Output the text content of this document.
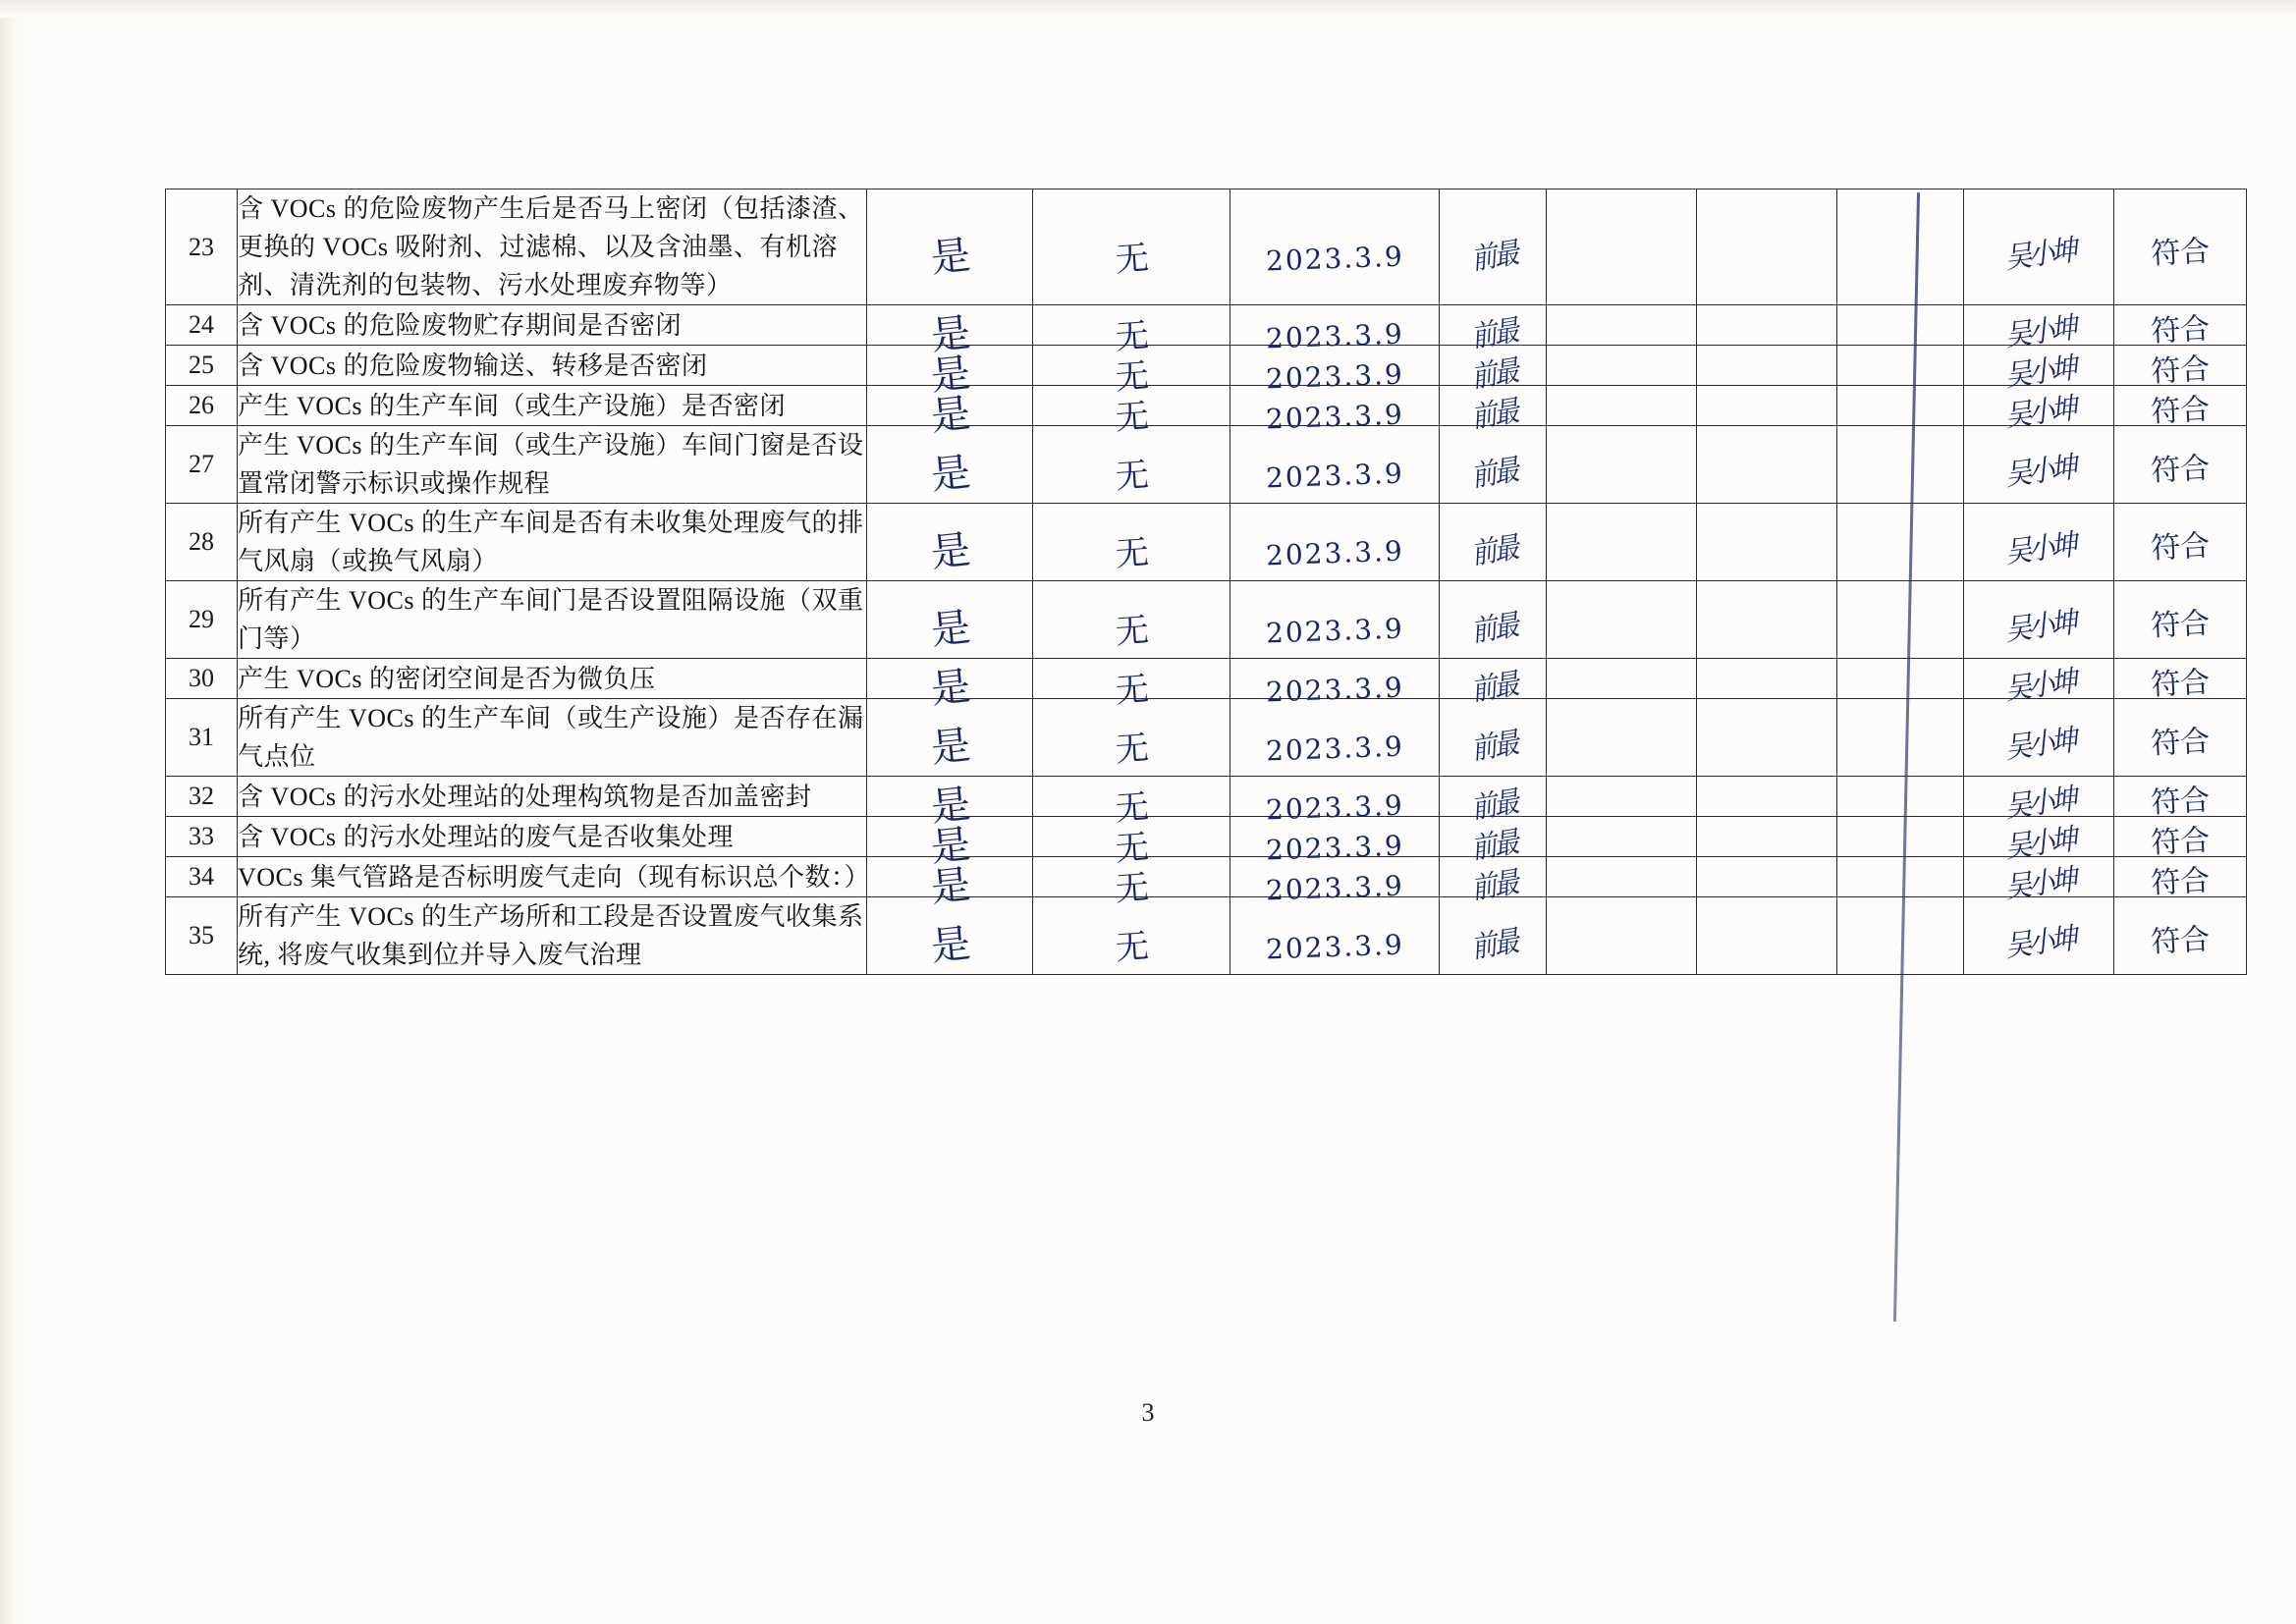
23	含 VOCs 的危险废物产生后是否马上密闭（包括漆渣、更换的 VOCs 吸附剂、过滤棉、以及含油墨、有机溶剂、清洗剂的包装物、污水处理废弃物等）	是	无	2023.3.9	前最				吴小坤	符合

24	含 VOCs 的危险废物贮存期间是否密闭	是	无	2023.3.9	前最				吴小坤	符合

25	含 VOCs 的危险废物输送、转移是否密闭	是	无	2023.3.9	前最				吴小坤	符合

26	产生 VOCs 的生产车间（或生产设施）是否密闭	是	无	2023.3.9	前最				吴小坤	符合

27	产生 VOCs 的生产车间（或生产设施）车间门窗是否设置常闭警示标识或操作规程	是	无	2023.3.9	前最				吴小坤	符合

28	所有产生 VOCs 的生产车间是否有未收集处理废气的排气风扇（或换气风扇）	是	无	2023.3.9	前最				吴小坤	符合

29	所有产生 VOCs 的生产车间门是否设置阻隔设施（双重门等）	是	无	2023.3.9	前最				吴小坤	符合

30	产生 VOCs 的密闭空间是否为微负压	是	无	2023.3.9	前最				吴小坤	符合

31	所有产生 VOCs 的生产车间（或生产设施）是否存在漏气点位	是	无	2023.3.9	前最				吴小坤	符合

32	含 VOCs 的污水处理站的处理构筑物是否加盖密封	是	无	2023.3.9	前最				吴小坤	符合

33	含 VOCs 的污水处理站的废气是否收集处理	是	无	2023.3.9	前最				吴小坤	符合

34	VOCs 集气管路是否标明废气走向（现有标识总个数：）	是	无	2023.3.9	前最				吴小坤	符合

35	所有产生 VOCs 的生产场所和工段是否设置废气收集系统, 将废气收集到位并导入废气治理	是	无	2023.3.9	前最				吴小坤	符合
3
